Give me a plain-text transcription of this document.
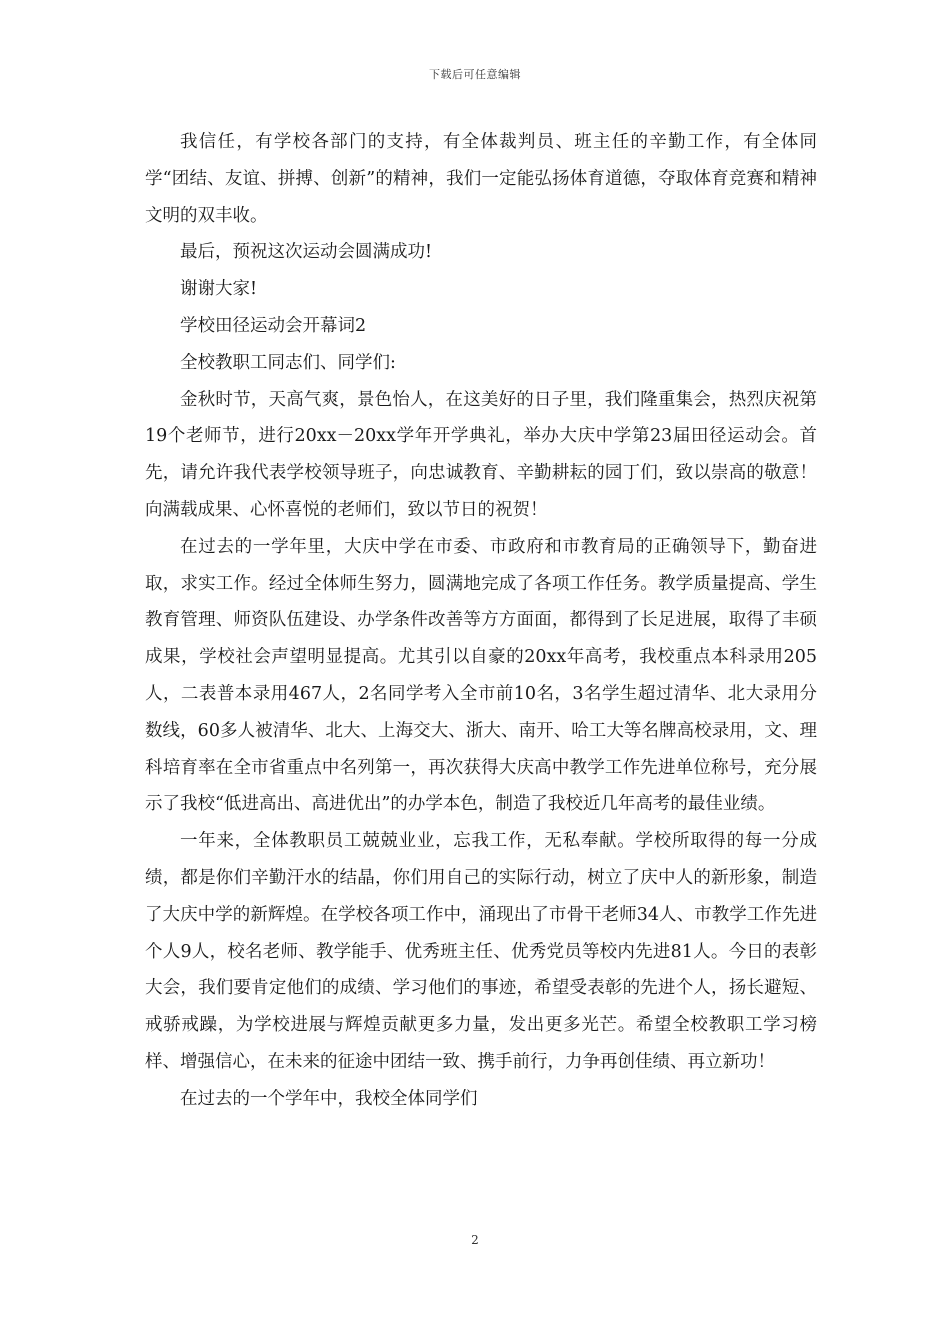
下载后可任意编辑

我信任，有学校各部门的支持，有全体裁判员、班主任的辛勤工作，有全体同学“团结、友谊、拼搏、创新”的精神，我们一定能弘扬体育道德，夺取体育竞赛和精神文明的双丰收。

最后，预祝这次运动会圆满成功!

谢谢大家!

学校田径运动会开幕词2

全校教职工同志们、同学们:

金秋时节，天高气爽，景色怡人，在这美好的日子里，我们隆重集会，热烈庆祝第19个老师节，进行20xx－20xx学年开学典礼，举办大庆中学第23届田径运动会。首先，请允许我代表学校领导班子，向忠诚教育、辛勤耕耘的园丁们，致以崇高的敬意！向满载成果、心怀喜悦的老师们，致以节日的祝贺！

在过去的一学年里，大庆中学在市委、市政府和市教育局的正确领导下，勤奋进取，求实工作。经过全体师生努力，圆满地完成了各项工作任务。教学质量提高、学生教育管理、师资队伍建设、办学条件改善等方方面面，都得到了长足进展，取得了丰硕成果，学校社会声望明显提高。尤其引以自豪的20xx年高考，我校重点本科录用205人，二表普本录用467人，2名同学考入全市前10名，3名学生超过清华、北大录用分数线，60多人被清华、北大、上海交大、浙大、南开、哈工大等名牌高校录用，文、理科培育率在全市省重点中名列第一，再次获得大庆高中教学工作先进单位称号，充分展示了我校“低进高出、高进优出”的办学本色，制造了我校近几年高考的最佳业绩。

一年来，全体教职员工兢兢业业，忘我工作，无私奉献。学校所取得的每一分成绩，都是你们辛勤汗水的结晶，你们用自己的实际行动，树立了庆中人的新形象，制造了大庆中学的新辉煌。在学校各项工作中，涌现出了市骨干老师34人、市教学工作先进个人9人，校名老师、教学能手、优秀班主任、优秀党员等校内先进81人。今日的表彰大会，我们要肯定他们的成绩、学习他们的事迹，希望受表彰的先进个人，扬长避短、戒骄戒躁，为学校进展与辉煌贡献更多力量，发出更多光芒。希望全校教职工学习榜样、增强信心，在未来的征途中团结一致、携手前行，力争再创佳绩、再立新功！

在过去的一个学年中，我校全体同学们

2
